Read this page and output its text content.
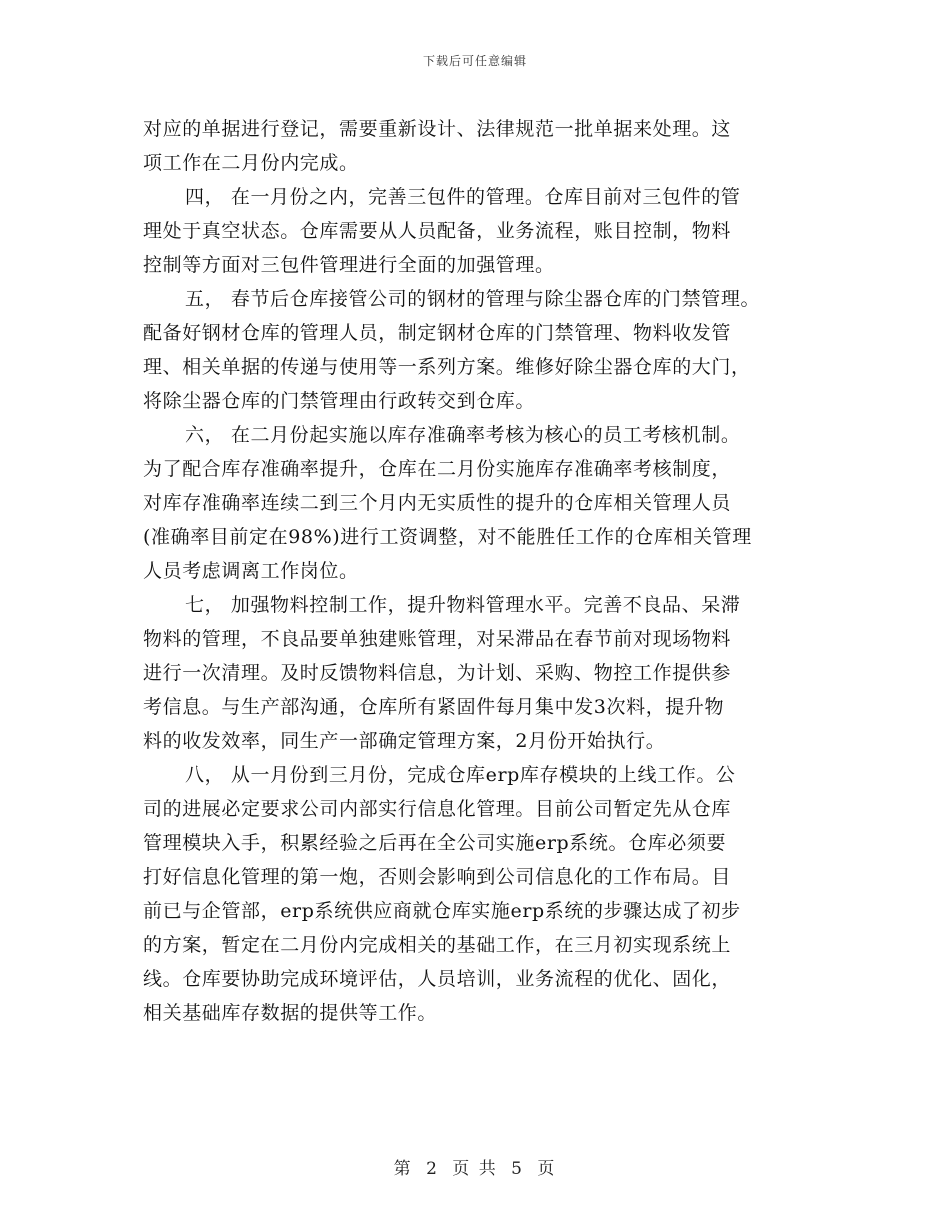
下载后可任意编辑
对应的单据进行登记，需要重新设计、法律规范一批单据来处理。这
项工作在二月份内完成。
四， 在一月份之内，完善三包件的管理。仓库目前对三包件的管
理处于真空状态。仓库需要从人员配备，业务流程，账目控制，物料
控制等方面对三包件管理进行全面的加强管理。
五， 春节后仓库接管公司的钢材的管理与除尘器仓库的门禁管理。
配备好钢材仓库的管理人员，制定钢材仓库的门禁管理、物料收发管
理、相关单据的传递与使用等一系列方案。维修好除尘器仓库的大门，
将除尘器仓库的门禁管理由行政转交到仓库。
六， 在二月份起实施以库存准确率考核为核心的员工考核机制。
为了配合库存准确率提升，仓库在二月份实施库存准确率考核制度，
对库存准确率连续二到三个月内无实质性的提升的仓库相关管理人员
(准确率目前定在98%)进行工资调整，对不能胜任工作的仓库相关管理
人员考虑调离工作岗位。
七， 加强物料控制工作，提升物料管理水平。完善不良品、呆滞
物料的管理，不良品要单独建账管理，对呆滞品在春节前对现场物料
进行一次清理。及时反馈物料信息，为计划、采购、物控工作提供参
考信息。与生产部沟通，仓库所有紧固件每月集中发3次料，提升物
料的收发效率，同生产一部确定管理方案，2月份开始执行。
八， 从一月份到三月份，完成仓库erp库存模块的上线工作。公
司的进展必定要求公司内部实行信息化管理。目前公司暂定先从仓库
管理模块入手，积累经验之后再在全公司实施erp系统。仓库必须要
打好信息化管理的第一炮，否则会影响到公司信息化的工作布局。目
前已与企管部，erp系统供应商就仓库实施erp系统的步骤达成了初步
的方案，暂定在二月份内完成相关的基础工作，在三月初实现系统上
线。仓库要协助完成环境评估，人员培训，业务流程的优化、固化，
相关基础库存数据的提供等工作。
第 2 页 共 5 页
